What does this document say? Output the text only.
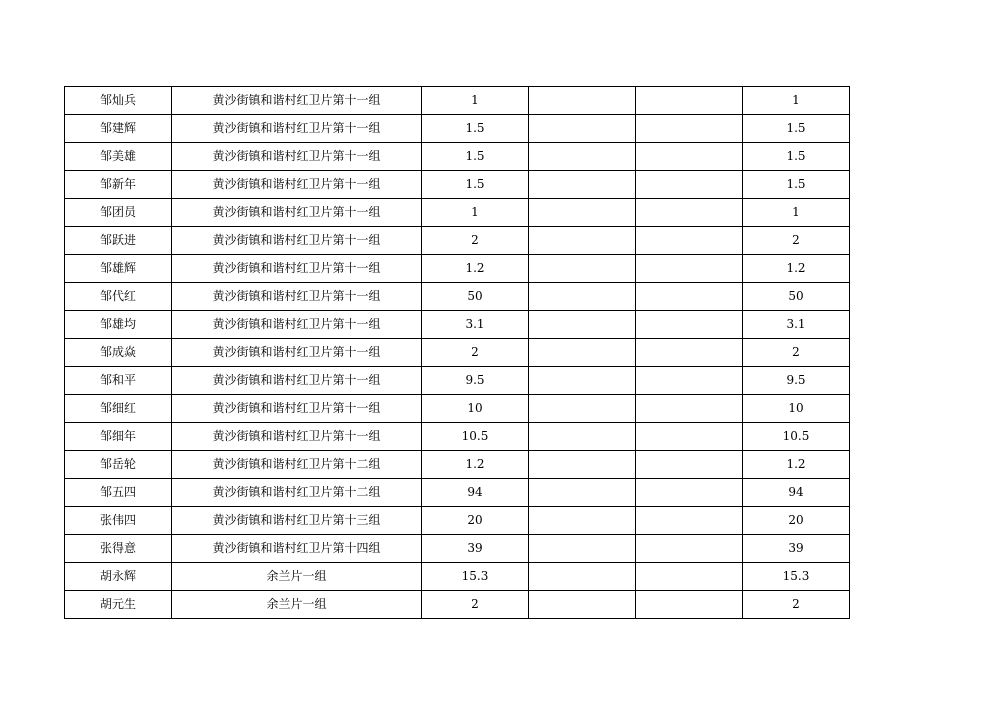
邹灿兵	黄沙街镇和谐村红卫片第十一组	1			1
邹建辉	黄沙街镇和谐村红卫片第十一组	1.5			1.5
邹美雄	黄沙街镇和谐村红卫片第十一组	1.5			1.5
邹新年	黄沙街镇和谐村红卫片第十一组	1.5			1.5
邹团员	黄沙街镇和谐村红卫片第十一组	1			1
邹跃进	黄沙街镇和谐村红卫片第十一组	2			2
邹雄辉	黄沙街镇和谐村红卫片第十一组	1.2			1.2
邹代红	黄沙街镇和谐村红卫片第十一组	50			50
邹雄均	黄沙街镇和谐村红卫片第十一组	3.1			3.1
邹成焱	黄沙街镇和谐村红卫片第十一组	2			2
邹和平	黄沙街镇和谐村红卫片第十一组	9.5			9.5
邹细红	黄沙街镇和谐村红卫片第十一组	10			10
邹细年	黄沙街镇和谐村红卫片第十一组	10.5			10.5
邹岳轮	黄沙街镇和谐村红卫片第十二组	1.2			1.2
邹五四	黄沙街镇和谐村红卫片第十二组	94			94
张伟四	黄沙街镇和谐村红卫片第十三组	20			20
张得意	黄沙街镇和谐村红卫片第十四组	39			39
胡永辉	余兰片一组	15.3			15.3
胡元生	余兰片一组	2			2
